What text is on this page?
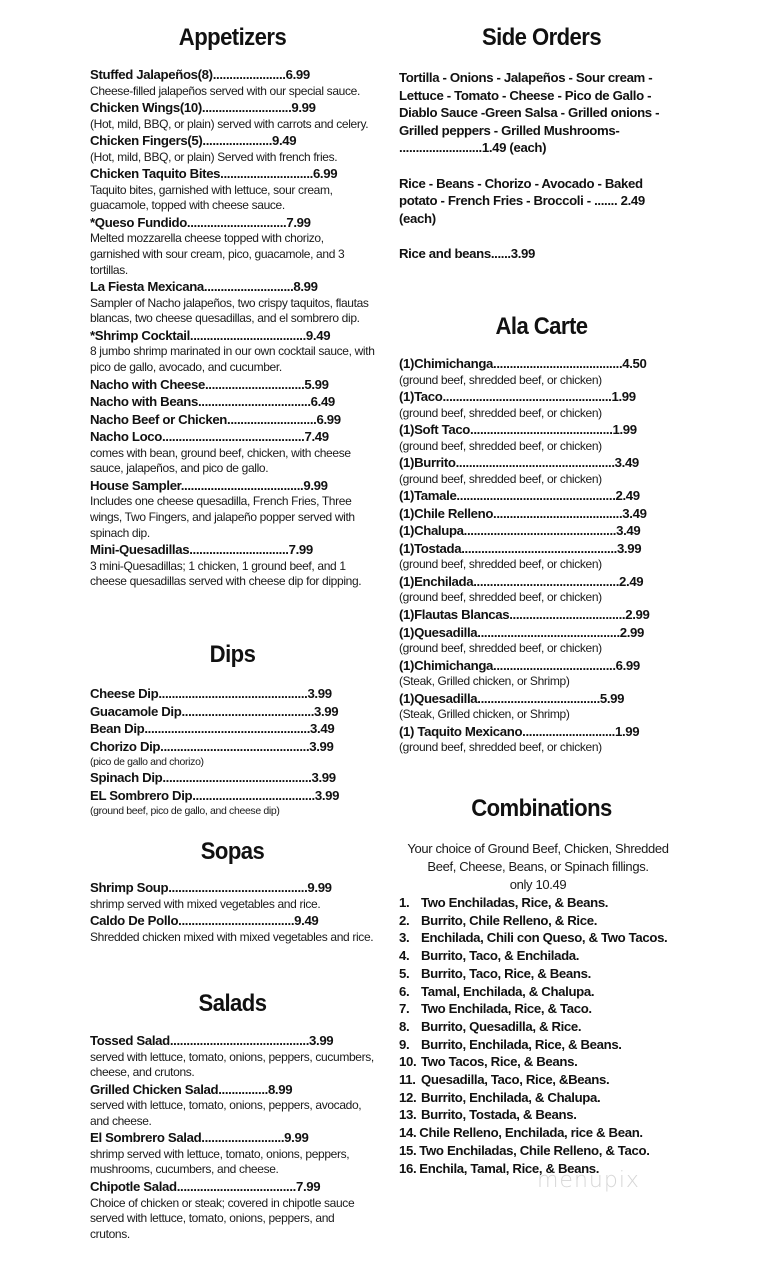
Appetizers
Stuffed Jalapeños(8)......................6.99
Cheese-filled jalapeños served with our special sauce.
Chicken Wings(10)...........................9.99
(Hot, mild, BBQ, or plain) served with carrots and celery.
Chicken Fingers(5).....................9.49
(Hot, mild, BBQ, or plain) Served with french fries.
Chicken Taquito Bites............................6.99
Taquito bites, garnished with lettuce, sour cream, guacamole, topped with cheese sauce.
*Queso Fundido..............................7.99
Melted mozzarella cheese topped with chorizo, garnished with sour cream, pico, guacamole, and 3 tortillas.
La Fiesta Mexicana...........................8.99
Sampler of Nacho jalapeños, two crispy taquitos, flautas blancas, two cheese quesadillas, and el sombrero dip.
*Shrimp Cocktail...................................9.49
8 jumbo shrimp marinated in our own cocktail sauce, with pico de gallo, avocado, and cucumber.
Nacho with Cheese..............................5.99
Nacho with Beans..................................6.49
Nacho Beef or Chicken...........................6.99
Nacho Loco...........................................7.49
comes with bean, ground beef, chicken, with cheese sauce, jalapeños, and pico de gallo.
House Sampler.....................................9.99
Includes one cheese quesadilla, French Fries, Three wings, Two Fingers, and jalapeño popper served with spinach dip.
Mini-Quesadillas..............................7.99
3 mini-Quesadillas; 1 chicken, 1 ground beef, and 1 cheese quesadillas served with cheese dip for dipping.
Dips
Cheese Dip.............................................3.99
Guacamole Dip........................................3.99
Bean Dip..................................................3.49
Chorizo Dip.............................................3.99
(pico de gallo and chorizo)
Spinach Dip.............................................3.99
EL Sombrero Dip.....................................3.99
(ground beef, pico de gallo, and cheese dip)
Sopas
Shrimp Soup..........................................9.99
shrimp served with mixed vegetables and rice.
Caldo De Pollo...................................9.49
Shredded chicken mixed with mixed vegetables and rice.
Salads
Tossed Salad..........................................3.99
served with lettuce, tomato, onions, peppers, cucumbers, cheese, and crutons.
Grilled Chicken Salad...............8.99
served with lettuce, tomato, onions, peppers, avocado, and cheese.
El Sombrero Salad.........................9.99
shrimp served with lettuce, tomato, onions, peppers, mushrooms, cucumbers, and cheese.
Chipotle Salad....................................7.99
Choice of chicken or steak; covered in chipotle sauce served with lettuce, tomato, onions, peppers, and crutons.
Side Orders
Tortilla - Onions - Jalapeños - Sour cream - Lettuce - Tomato - Cheese - Pico de Gallo - Diablo Sauce -Green Salsa - Grilled onions - Grilled peppers - Grilled Mushrooms- .........................1.49 (each)
Rice - Beans - Chorizo - Avocado - Baked potato - French Fries - Broccoli - ....... 2.49 (each)
Rice and beans......3.99
Ala Carte
(1)Chimichanga.......................................4.50
(ground beef, shredded beef, or chicken)
(1)Taco...................................................1.99
(ground beef, shredded beef, or chicken)
(1)Soft Taco...........................................1.99
(ground beef, shredded beef, or chicken)
(1)Burrito................................................3.49
(ground beef, shredded beef, or chicken)
(1)Tamale................................................2.49
(1)Chile Relleno.......................................3.49
(1)Chalupa..............................................3.49
(1)Tostada...............................................3.99
(ground beef, shredded beef, or chicken)
(1)Enchilada............................................2.49
(ground beef, shredded beef, or chicken)
(1)Flautas Blancas...................................2.99
(1)Quesadilla...........................................2.99
(ground beef, shredded beef, or chicken)
(1)Chimichanga.....................................6.99
(Steak, Grilled chicken, or Shrimp)
(1)Quesadilla.....................................5.99
(Steak, Grilled chicken, or Shrimp)
(1) Taquito Mexicano............................1.99
(ground beef, shredded beef, or chicken)
Combinations
Your choice of Ground Beef, Chicken, Shredded Beef, Cheese, Beans, or Spinach fillings.
only 10.49
1. Two Enchiladas, Rice, & Beans.
2. Burrito, Chile Relleno, & Rice.
3. Enchilada, Chili con Queso, & Two Tacos.
4. Burrito, Taco, & Enchilada.
5. Burrito, Taco, Rice, & Beans.
6. Tamal, Enchilada, & Chalupa.
7. Two Enchilada, Rice, & Taco.
8. Burrito, Quesadilla, & Rice.
9. Burrito, Enchilada, Rice, & Beans.
10. Two Tacos, Rice, & Beans.
11. Quesadilla, Taco, Rice, &Beans.
12. Burrito, Enchilada, & Chalupa.
13. Burrito, Tostada, & Beans.
14. Chile Relleno, Enchilada, rice & Bean.
15. Two Enchiladas, Chile Relleno, & Taco.
16. Enchila, Tamal, Rice, & Beans.
menupix
